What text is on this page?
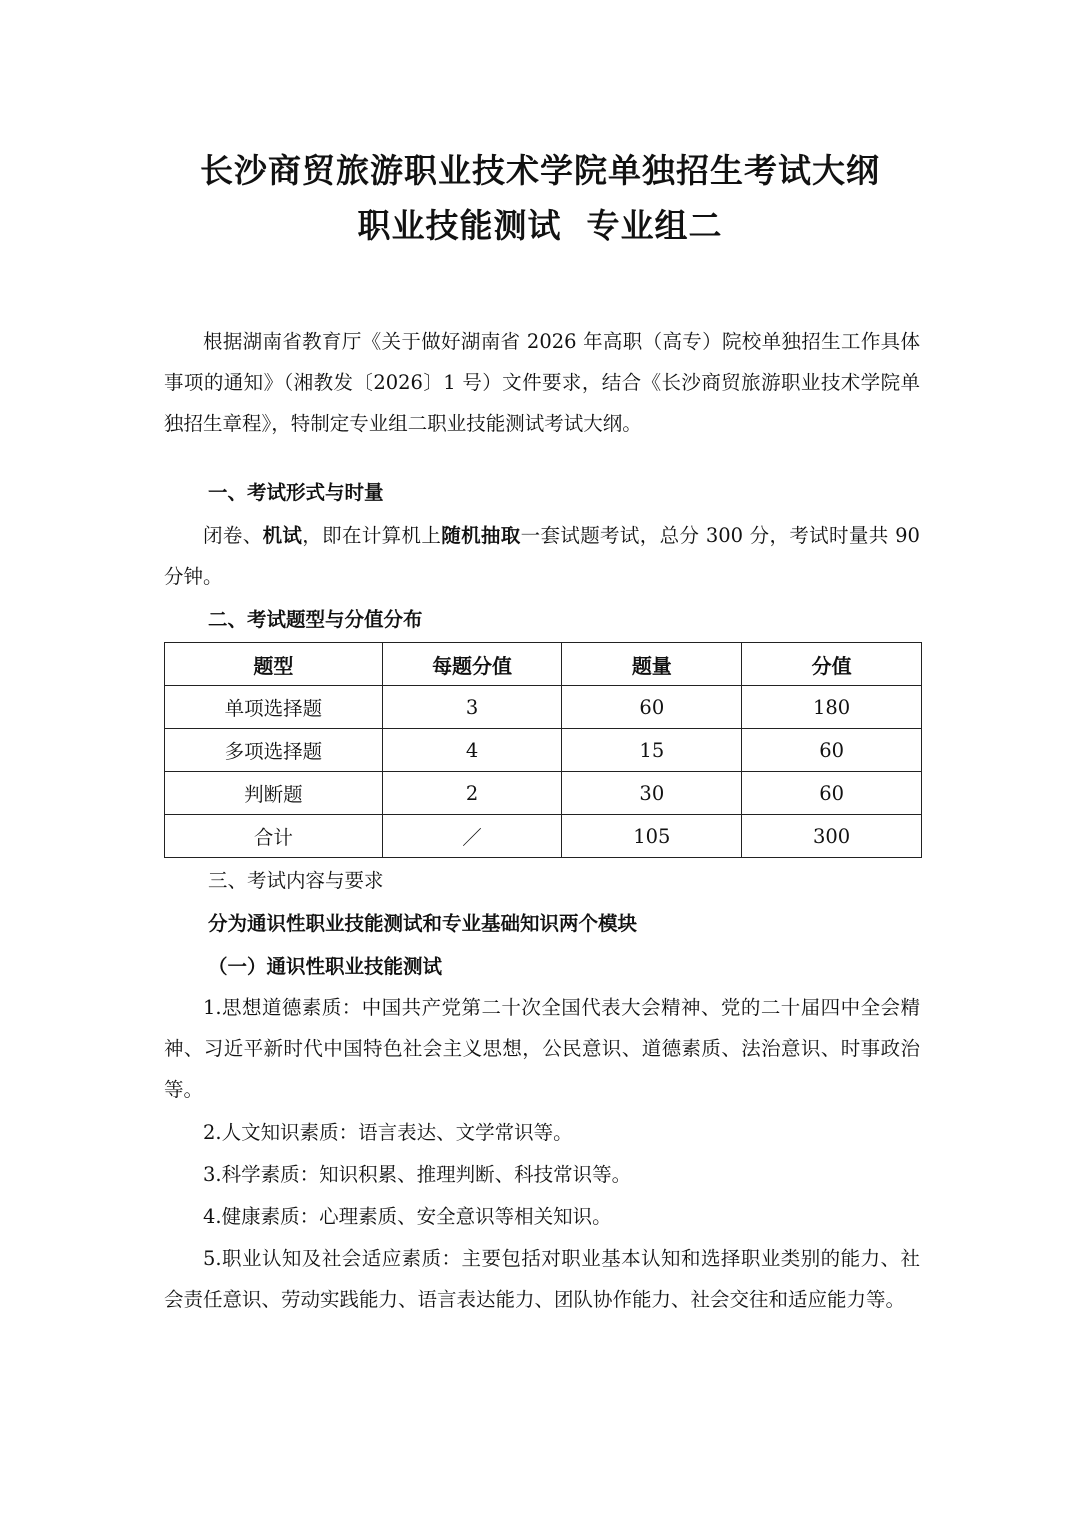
长沙商贸旅游职业技术学院单独招生考试大纲
职业技能测试  专业组二

根据湖南省教育厅《关于做好湖南省 2026 年高职（高专）院校单独招生工作具体事项的通知》（湘教发〔2026〕1 号）文件要求，结合《长沙商贸旅游职业技术学院单独招生章程》，特制定专业组二职业技能测试考试大纲。

一、考试形式与时量

闭卷、机试，即在计算机上随机抽取一套试题考试，总分 300 分，考试时量共 90 分钟。

二、考试题型与分值分布

题型	每题分值	题量	分值
单项选择题	3	60	180
多项选择题	4	15	60
判断题	2	30	60
合计	／	105	300

三、考试内容与要求

分为通识性职业技能测试和专业基础知识两个模块

（一）通识性职业技能测试

1.思想道德素质：中国共产党第二十次全国代表大会精神、党的二十届四中全会精神、习近平新时代中国特色社会主义思想，公民意识、道德素质、法治意识、时事政治等。

2.人文知识素质：语言表达、文学常识等。

3.科学素质：知识积累、推理判断、科技常识等。

4.健康素质：心理素质、安全意识等相关知识。

5.职业认知及社会适应素质：主要包括对职业基本认知和选择职业类别的能力、社会责任意识、劳动实践能力、语言表达能力、团队协作能力、社会交往和适应能力等。
